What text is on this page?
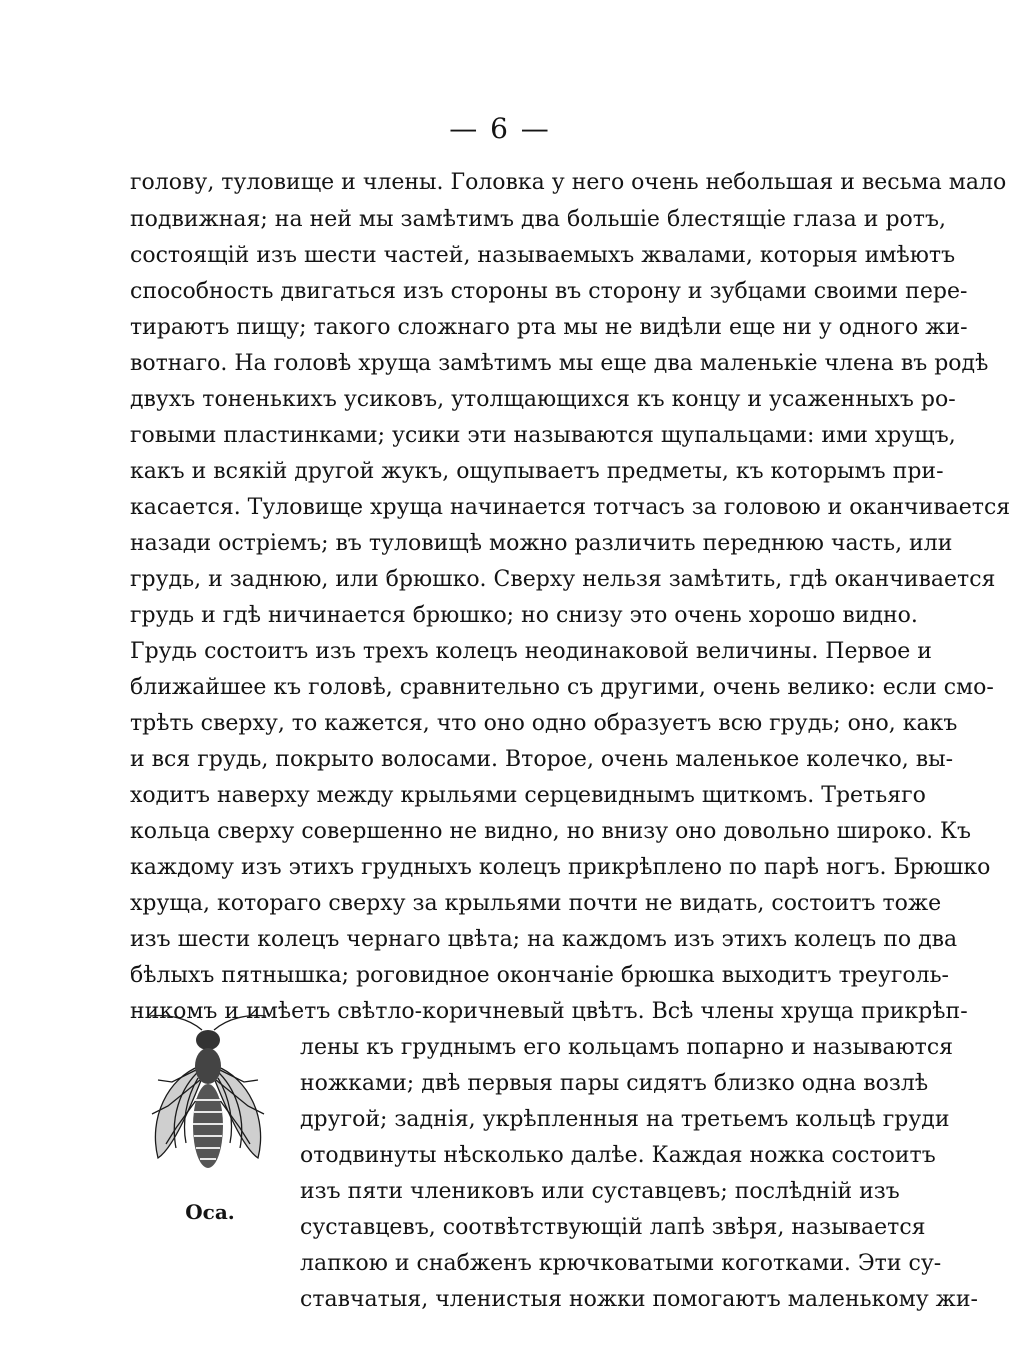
— 6 —
голову, туловище и члены. Головка у него очень небольшая и весьма мало
подвижная; на ней мы замѣтимъ два большіе блестящіе глаза и ротъ,
состоящій изъ шести частей, называемыхъ жвалами, которыя имѣютъ
способность двигаться изъ стороны въ сторону и зубцами своими пере-
тираютъ пищу; такого сложнаго рта мы не видѣли еще ни у одного жи-
вотнаго. На головѣ хруща замѣтимъ мы еще два маленькіе члена въ родѣ
двухъ тоненькихъ усиковъ, утолщающихся къ концу и усаженныхъ ро-
говыми пластинками; усики эти называются щупальцами: ими хрущъ,
какъ и всякій другой жукъ, ощупываетъ предметы, къ которымъ при-
касается. Туловище хруща начинается тотчасъ за головою и оканчивается
назади остріемъ; въ туловищѣ можно различить переднюю часть, или
грудь, и заднюю, или брюшко. Сверху нельзя замѣтить, гдѣ оканчивается
грудь и гдѣ ничинается брюшко; но снизу это очень хорошо видно.
Грудь состоитъ изъ трехъ колецъ неодинаковой величины. Первое и
ближайшее къ головѣ, сравнительно съ другими, очень велико: если смо-
трѣть сверху, то кажется, что оно одно образуетъ всю грудь; оно, какъ
и вся грудь, покрыто волосами. Второе, очень маленькое колечко, вы-
ходитъ наверху между крыльями серцевиднымъ щиткомъ. Третьяго
кольца сверху совершенно не видно, но внизу оно довольно широко. Къ
каждому изъ этихъ грудныхъ колецъ прикрѣплено по парѣ ногъ. Брюшко
хруща, котораго сверху за крыльями почти не видать, состоитъ тоже
изъ шести колецъ чернаго цвѣта; на каждомъ изъ этихъ колецъ по два
бѣлыхъ пятнышка; роговидное окончаніе брюшка выходитъ треуголь-
никомъ и имѣетъ свѣтло-коричневый цвѣтъ. Всѣ члены хруща прикрѣп-
лены къ груднымъ его кольцамъ попарно и называются
ножками; двѣ первыя пары сидятъ близко одна возлѣ
другой; заднія, укрѣпленныя на третьемъ кольцѣ груди
отодвинуты нѣсколько далѣе. Каждая ножка состоитъ
изъ пяти члениковъ или суставцевъ; послѣдній изъ
суставцевъ, соотвѣтствующій лапѣ звѣря, называется
лапкою и снабженъ крючковатыми коготками. Эти су-
ставчатыя, членистыя ножки помогаютъ маленькому жи-
Оса.
